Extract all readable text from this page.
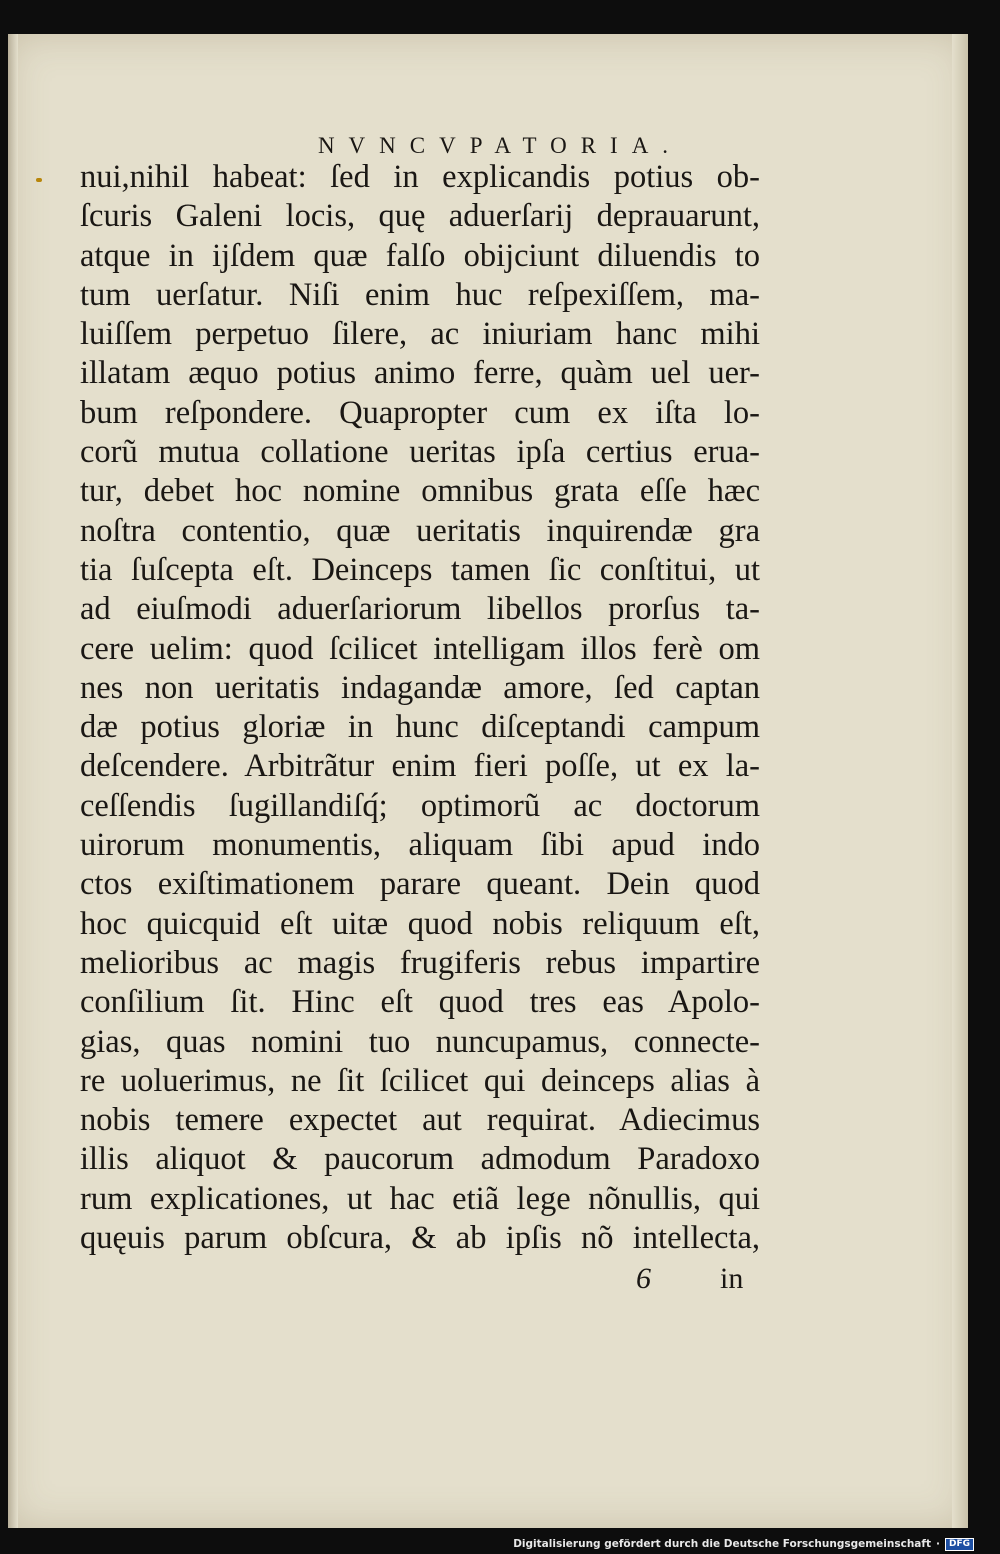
NVNCVPATORIA.
nui,nihil habeat: ſed in explicandis potius ob-
ſcuris Galeni locis, quę aduerſarij deprauarunt,
atque in ijſdem quæ falſo obijciunt diluendis to
tum uerſatur. Niſi enim huc reſpexiſſem, ma-
luiſſem perpetuo ſilere, ac iniuriam hanc mihi
illatam æquo potius animo ferre, quàm uel uer-
bum reſpondere. Quapropter cum ex iſta lo-
corũ mutua collatione ueritas ipſa certius erua-
tur, debet hoc nomine omnibus grata eſſe hæc
noſtra contentio, quæ ueritatis inquirendæ gra
tia ſuſcepta eſt. Deinceps tamen ſic conſtitui, ut
ad eiuſmodi aduerſariorum libellos prorſus ta-
cere uelim: quod ſcilicet intelligam illos ferè om
nes non ueritatis indagandæ amore, ſed captan
dæ potius gloriæ in hunc diſceptandi campum
deſcendere. Arbitrãtur enim fieri poſſe, ut ex la-
ceſſendis ſugillandiſq́; optimorũ ac doctorum
uirorum monumentis, aliquam ſibi apud indo
ctos exiſtimationem parare queant. Dein quod
hoc quicquid eſt uitæ quod nobis reliquum eſt,
melioribus ac magis frugiferis rebus impartire
conſilium ſit. Hinc eſt quod tres eas Apolo-
gias, quas nomini tuo nuncupamus, connecte-
re uoluerimus, ne ſit ſcilicet qui deinceps alias à
nobis temere expectet aut requirat. Adiecimus
illis aliquot & paucorum admodum Paradoxo
rum explicationes, ut hac etiã lege nõnullis, qui
quęuis parum obſcura, & ab ipſis nõ intellecta,
6 in
Digitalisierung gefördert durch die Deutsche Forschungsgemeinschaft ·	DFG
